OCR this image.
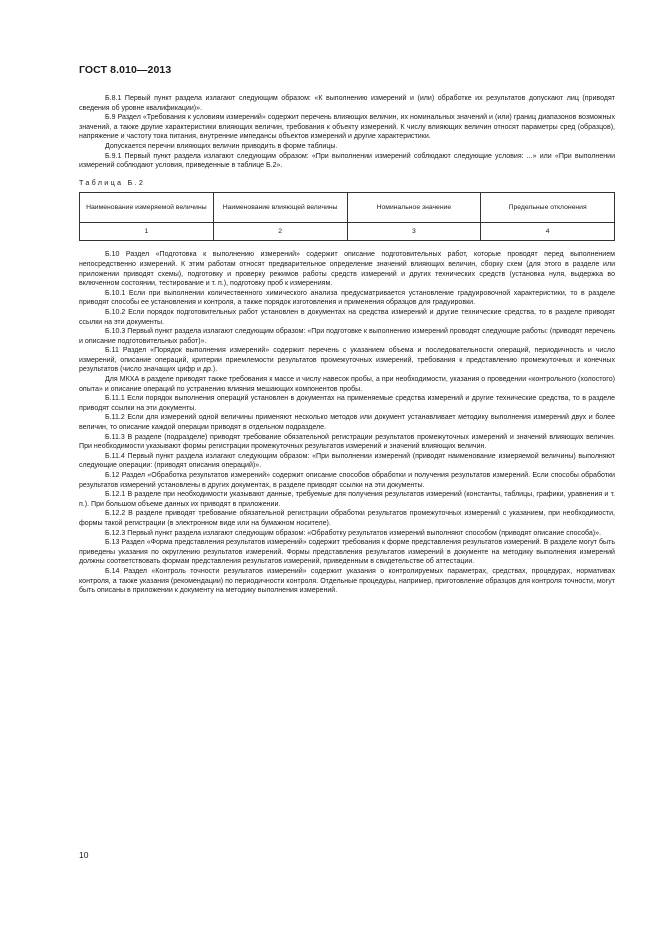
ГОСТ 8.010—2013

Б.8.1 Первый пункт раздела излагают следующим образом: «К выполнению измерений и (или) обработке их результатов допускают лиц (приводят сведения об уровне квалификации)».

Б.9 Раздел «Требования к условиям измерений» содержит перечень влияющих величин, их номинальных значений и (или) границ диапазонов возможных значений, а также другие характеристики влияющих величин, требования к объекту измерений. К числу влияющих величин относят параметры сред (образцов), напряжение и частоту тока питания, внутренние импедансы объектов измерений и другие характеристики.

Допускается перечни влияющих величин приводить в форме таблицы.

Б.9.1 Первый пункт раздела излагают следующим образом: «При выполнении измерений соблюдают следующие условия: ...» или «При выполнении измерений соблюдают условия, приведенные в таблице Б.2».

Таблица Б.2
Наименование измеряемой величины	Наименование влияющей величины	Номинальное значение	Предельные отклонения
1	2	3	4

Б.10 Раздел «Подготовка к выполнению измерений» содержит описание подготовительных работ, которые проводят перед выполнением непосредственно измерений. К этим работам относят предварительное определение значений влияющих величин, сборку схем (для этого в разделе или приложении приводят схемы), подготовку и проверку режимов работы средств измерений и других технических средств (установка нуля, выдержка во включенном состоянии, тестирование и т. п.), подготовку проб к измерениям.

Б.10.1 Если при выполнении количественного химического анализа предусматривается установление градуировочной характеристики, то в разделе приводят способы ее установления и контроля, а также порядок изготовления и применения образцов для градуировки.

Б.10.2 Если порядок подготовительных работ установлен в документах на средства измерений и другие технические средства, то в разделе приводят ссылки на эти документы.

Б.10.3 Первый пункт раздела излагают следующим образом: «При подготовке к выполнению измерений проводят следующие работы: (приводят перечень и описание подготовительных работ)».

Б.11 Раздел «Порядок выполнения измерений» содержит перечень с указанием объема и последовательности операций, периодичность и число измерений, описание операций, критерии приемлемости результатов промежуточных измерений, требования к представлению промежуточных и конечных результатов (число значащих цифр и др.).

Для МКХА в разделе приводят также требования к массе и числу навесок пробы, а при необходимости, указания о проведении «контрольного (холостого) опыта» и описание операций по устранению влияния мешающих компонентов пробы.

Б.11.1 Если порядок выполнения операций установлен в документах на применяемые средства измерений и другие технические средства, то в разделе приводят ссылки на эти документы.

Б.11.2 Если для измерений одной величины применяют несколько методов или документ устанавливает методику выполнения измерений двух и более величин, то описание каждой операции приводят в отдельном подразделе.

Б.11.3 В разделе (подразделе) приводят требование обязательной регистрации результатов промежуточных измерений и значений влияющих величин. При необходимости указывают формы регистрации промежуточных результатов измерений и значений влияющих величин.

Б.11.4 Первый пункт раздела излагают следующим образом: «При выполнении измерений (приводят наименование измеряемой величины) выполняют следующие операции: (приводят описания операций)».

Б.12 Раздел «Обработка результатов измерений» содержит описание способов обработки и получения результатов измерений. Если способы обработки результатов измерений установлены в других документах, в разделе приводят ссылки на эти документы.

Б.12.1 В разделе при необходимости указывают данные, требуемые для получения результатов измерений (константы, таблицы, графики, уравнения и т. п.). При большом объеме данных их приводят в приложении.

Б.12.2 В разделе приводят требование обязательной регистрации обработки результатов промежуточных измерений с указанием, при необходимости, формы такой регистрации (в электронном виде или на бумажном носителе).

Б.12.3 Первый пункт раздела излагают следующим образом: «Обработку результатов измерений выполняют способом (приводят описание способа)».

Б.13 Раздел «Форма представления результатов измерений» содержит требования к форме представления результатов измерений. В разделе могут быть приведены указания по округлению результатов измерений. Формы представления результатов измерений в документе на методику выполнения измерений должны соответствовать формам представления результатов измерений, приведенным в свидетельстве об аттестации.

Б.14 Раздел «Контроль точности результатов измерений» содержит указания о контролируемых параметрах, средствах, процедурах, нормативах контроля, а также указания (рекомендации) по периодичности контроля. Отдельные процедуры, например, приготовление образцов для контроля точности, могут быть описаны в приложении к документу на методику выполнения измерений.

10
